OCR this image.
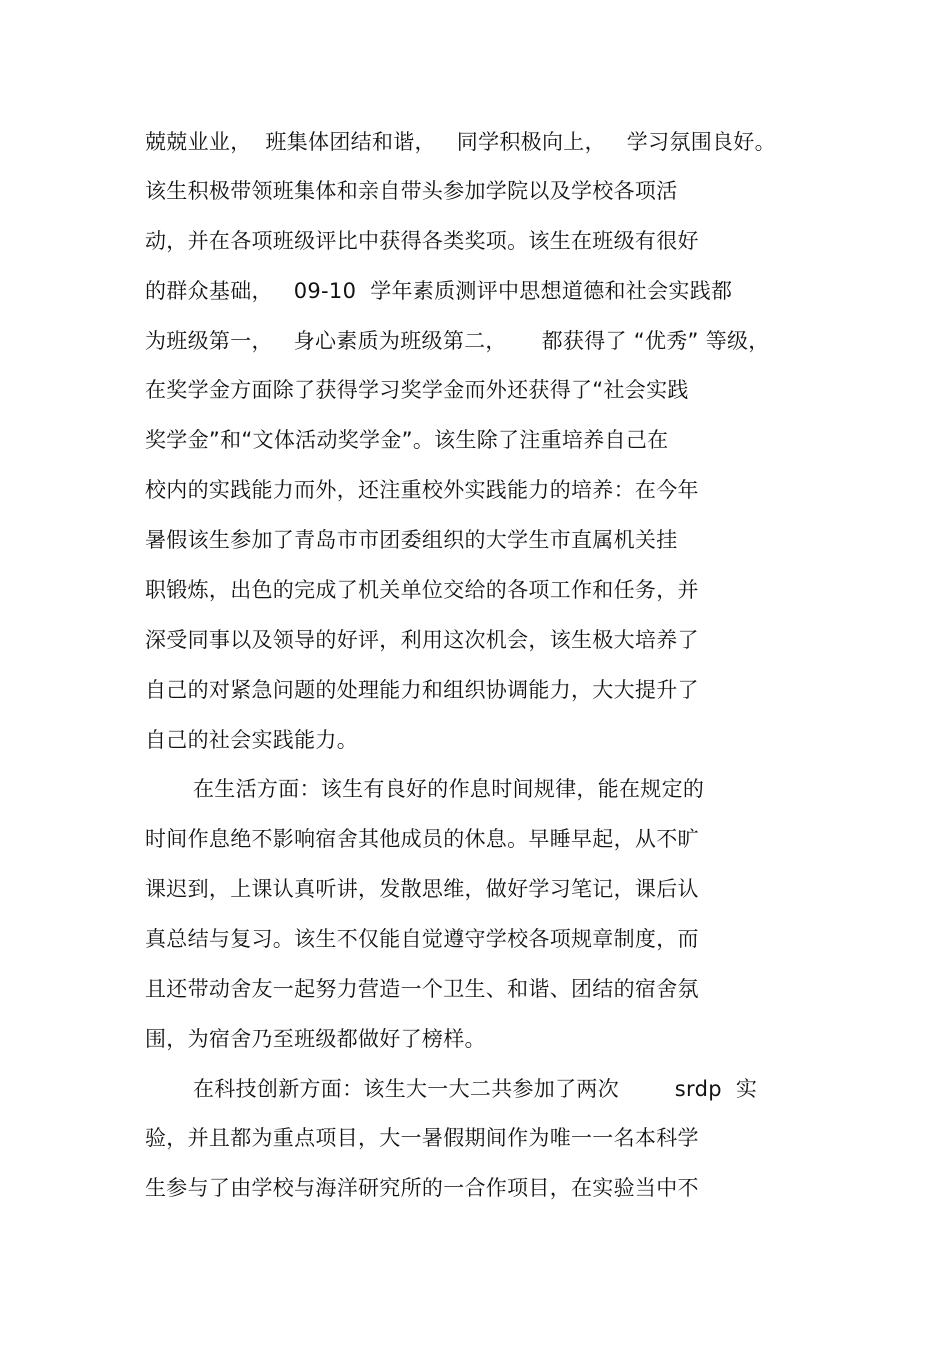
兢兢业业，  班集体团结和谐，   同学积极向上，   学习氛围良好。

该生积极带领班集体和亲自带头参加学院以及学校各项活

动，并在各项班级评比中获得各类奖项。该生在班级有很好

的群众基础，   09-10  学年素质测评中思想道德和社会实践都

为班级第一，   身心素质为班级第二，     都获得了 “优秀” 等级，

在奖学金方面除了获得学习奖学金而外还获得了“社会实践

奖学金”和“文体活动奖学金”。该生除了注重培养自己在

校内的实践能力而外，还注重校外实践能力的培养：在今年

暑假该生参加了青岛市市团委组织的大学生市直属机关挂

职锻炼，出色的完成了机关单位交给的各项工作和任务，并

深受同事以及领导的好评，利用这次机会，该生极大培养了

自己的对紧急问题的处理能力和组织协调能力，大大提升了

自己的社会实践能力。

在生活方面：该生有良好的作息时间规律，能在规定的

时间作息绝不影响宿舍其他成员的休息。早睡早起，从不旷

课迟到，上课认真听讲，发散思维，做好学习笔记，课后认

真总结与复习。该生不仅能自觉遵守学校各项规章制度，而

且还带动舍友一起努力营造一个卫生、和谐、团结的宿舍氛

围，为宿舍乃至班级都做好了榜样。

在科技创新方面：该生大一大二共参加了两次        srdp  实

验，并且都为重点项目，大一暑假期间作为唯一一名本科学

生参与了由学校与海洋研究所的一合作项目，在实验当中不
